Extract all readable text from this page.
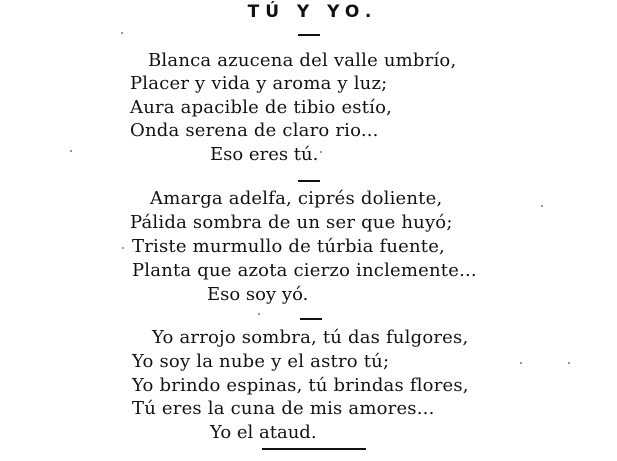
TÚ Y YO.
Blanca azucena del valle umbrío,
Placer y vida y aroma y luz;
Aura apacible de tibio estío,
Onda serena de claro rio...
Eso eres tú.
Amarga adelfa, ciprés doliente,
Pálida sombra de un ser que huyó;
Triste murmullo de túrbia fuente,
Planta que azota cierzo inclemente...
Eso soy yó.
Yo arrojo sombra, tú das fulgores,
Yo soy la nube y el astro tú;
Yo brindo espinas, tú brindas flores,
Tú eres la cuna de mis amores...
Yo el ataud.
